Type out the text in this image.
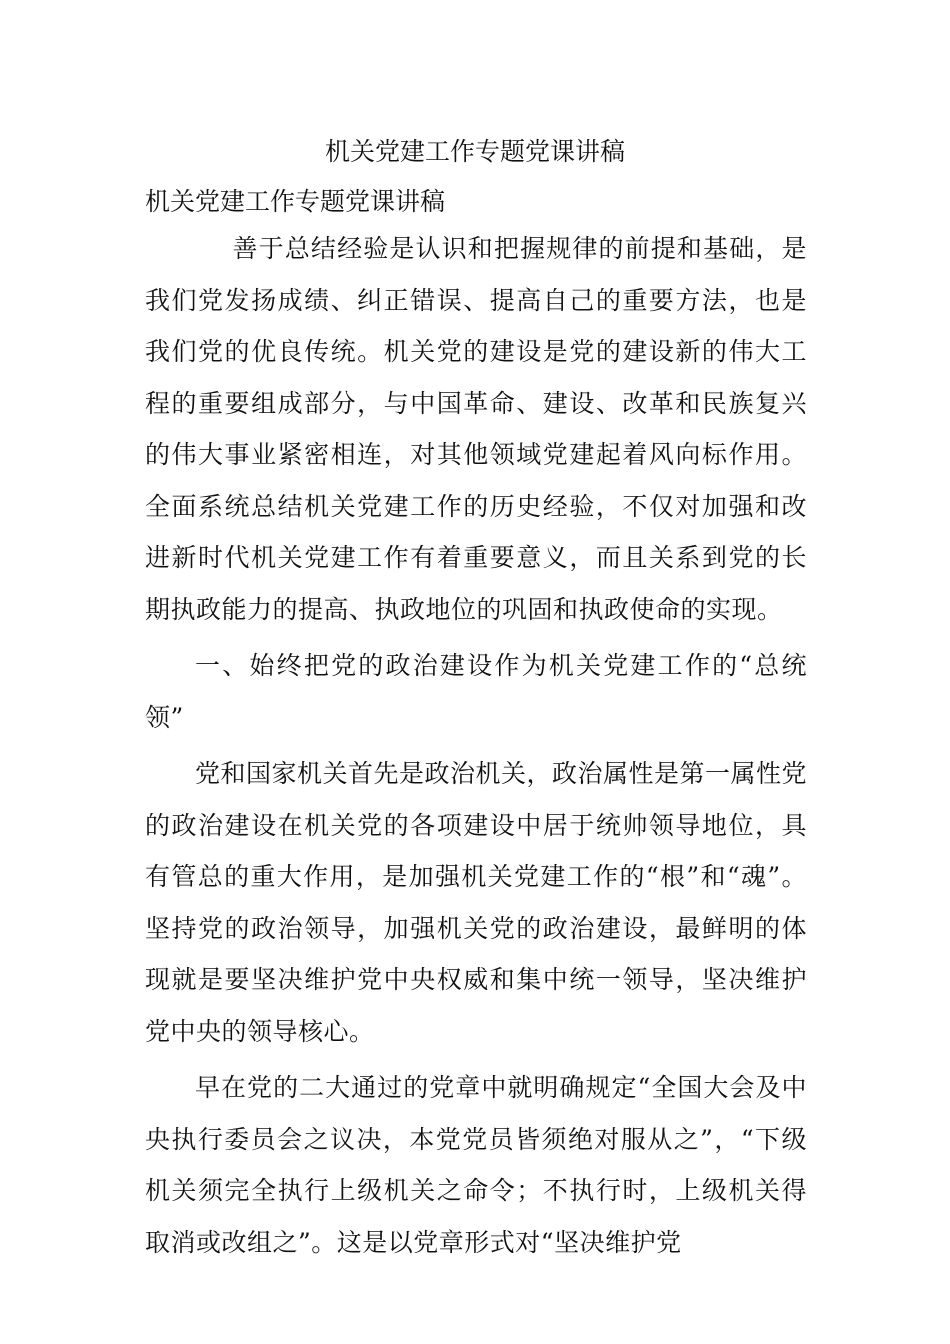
机关党建工作专题党课讲稿

机关党建工作专题党课讲稿

善于总结经验是认识和把握规律的前提和基础，是我们党发扬成绩、纠正错误、提高自己的重要方法，也是我们党的优良传统。机关党的建设是党的建设新的伟大工程的重要组成部分，与中国革命、建设、改革和民族复兴的伟大事业紧密相连，对其他领域党建起着风向标作用。全面系统总结机关党建工作的历史经验，不仅对加强和改进新时代机关党建工作有着重要意义，而且关系到党的长期执政能力的提高、执政地位的巩固和执政使命的实现。

一、始终把党的政治建设作为机关党建工作的“总统领”

党和国家机关首先是政治机关，政治属性是第一属性党的政治建设在机关党的各项建设中居于统帅领导地位，具有管总的重大作用，是加强机关党建工作的“根”和“魂”。坚持党的政治领导，加强机关党的政治建设，最鲜明的体现就是要坚决维护党中央权威和集中统一领导，坚决维护党中央的领导核心。

早在党的二大通过的党章中就明确规定“全国大会及中央执行委员会之议决，本党党员皆须绝对服从之”，“下级机关须完全执行上级机关之命令；不执行时，上级机关得取消或改组之”。这是以党章形式对“坚决维护党
